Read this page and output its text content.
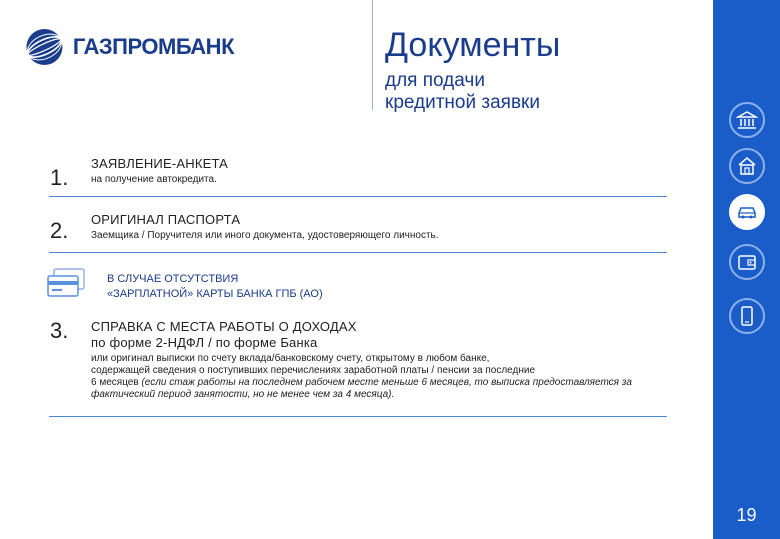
ГАЗПРОМБАНК	Документы
для подачи
кредитной заявки
1.
ЗАЯВЛЕНИЕ-АНКЕТА
на получение автокредита.
2. ОРИГИНАЛ ПАСПОРТА
Заемщика / Поручителя или иного документа, удостоверяющего личность.
В СЛУЧАЕ ОТСУТСТВИЯ
«ЗАРПЛАТНОЙ» КАРТЫ БАНКА ГПБ (АО)
3. СПРАВКА С МЕСТА РАБОТЫ О ДОХОДАХ
по форме 2-НДФЛ / по форме Банка
или оригинал выписки по счету вклада/банковскому счету, открытому в любом банке,
содержащей сведения о поступивших перечислениях заработной платы / пенсии за последние
6 месяцев (если стаж работы на последнем рабочем месте меньше 6 месяцев, то выписка предоставляется за
фактический период занятости, но не менее чем за 4 месяца).
19
